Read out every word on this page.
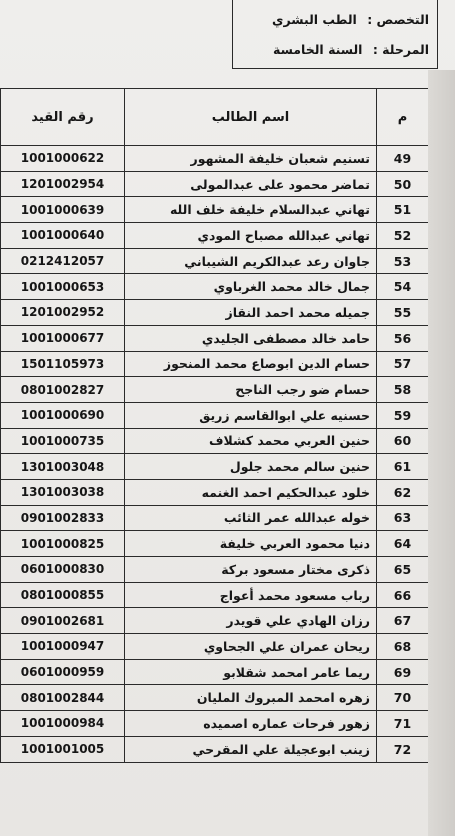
التخصص : الطب البشري
المرحلة : السنة الخامسة
م	اسم الطالب	رقم القيد
49	تسنيم شعبان خليفة المشهور	1001000622
50	تماضر محمود على عبدالمولى	1201002954
51	تهاني عبدالسلام خليفة خلف الله	1001000639
52	تهاني عبدالله مصباح المودي	1001000640
53	جاوان رعد عبدالكريم الشيباني	0212412057
54	جمال خالد محمد الغرباوي	1001000653
55	جميله محمد احمد النقاز	1201002952
56	حامد خالد مصطفى الجليدي	1001000677
57	حسام الدين ابوصاع محمد المنحوز	1501105973
58	حسام ضو رجب الناجح	0801002827
59	حسنيه علي ابوالقاسم زريق	1001000690
60	حنين العربي محمد كشلاف	1001000735
61	حنين سالم محمد جلول	1301003048
62	خلود عبدالحكيم احمد الغنمه	1301003038
63	خوله عبدالله عمر الثائب	0901002833
64	دنيا محمود العربي خليفة	1001000825
65	ذكرى مختار مسعود بركة	0601000830
66	رباب مسعود محمد أعواج	0801000855
67	رزان الهادي علي قويدر	0901002681
68	ريحان عمران علي الجحاوي	1001000947
69	ريما عامر امحمد شقلابو	0601000959
70	زهره امحمد المبروك المليان	0801002844
71	زهور فرحات عماره اصميده	1001000984
72	زينب ابوعجيلة علي المقرحي	1001001005
